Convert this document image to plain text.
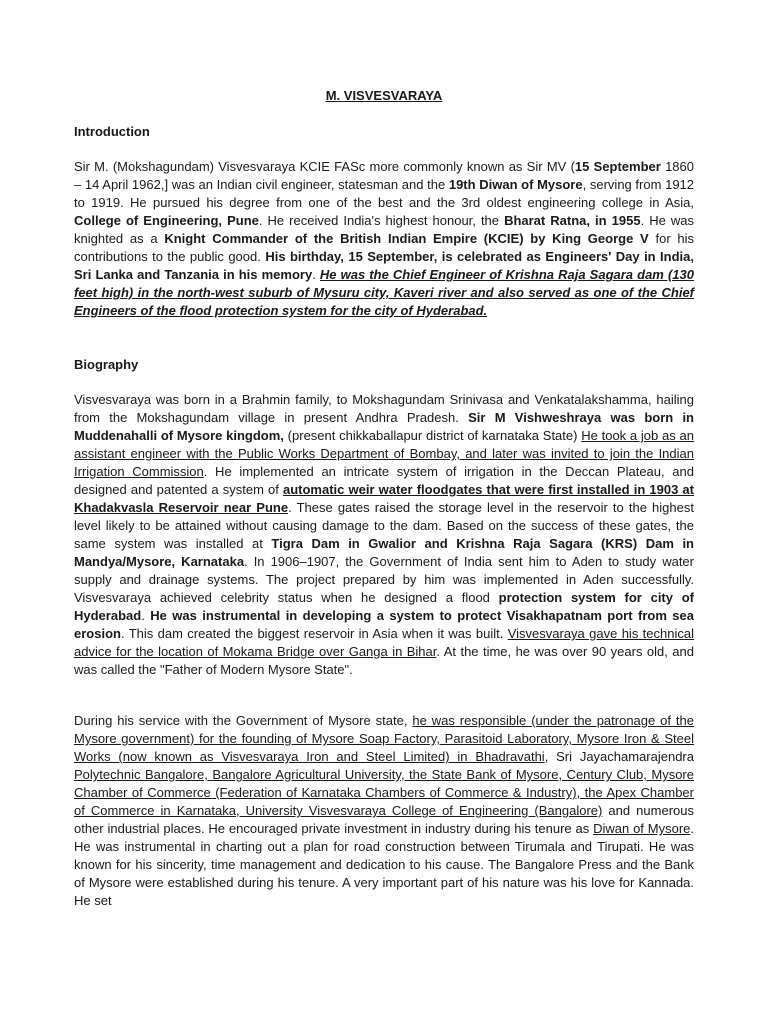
M. VISVESVARAYA
Introduction
Sir M. (Mokshagundam) Visvesvaraya KCIE FASc more commonly known as Sir MV (15 September 1860 – 14 April 1962,] was an Indian civil engineer, statesman and the 19th Diwan of Mysore, serving from 1912 to 1919. He pursued his degree from one of the best and the 3rd oldest engineering college in Asia, College of Engineering, Pune. He received India's highest honour, the Bharat Ratna, in 1955. He was knighted as a Knight Commander of the British Indian Empire (KCIE) by King George V for his contributions to the public good. His birthday, 15 September, is celebrated as Engineers' Day in India, Sri Lanka and Tanzania in his memory. He was the Chief Engineer of Krishna Raja Sagara dam (130 feet high) in the north-west suburb of Mysuru city, Kaveri river and also served as one of the Chief Engineers of the flood protection system for the city of Hyderabad.
Biography
Visvesvaraya was born in a Brahmin family, to Mokshagundam Srinivasa and Venkatalakshamma, hailing from the Mokshagundam village in present Andhra Pradesh. Sir M Vishweshraya was born in Muddenahalli of Mysore kingdom, (present chikkaballapur district of karnataka State) He took a job as an assistant engineer with the Public Works Department of Bombay, and later was invited to join the Indian Irrigation Commission. He implemented an intricate system of irrigation in the Deccan Plateau, and designed and patented a system of automatic weir water floodgates that were first installed in 1903 at Khadakvasla Reservoir near Pune. These gates raised the storage level in the reservoir to the highest level likely to be attained without causing damage to the dam. Based on the success of these gates, the same system was installed at Tigra Dam in Gwalior and Krishna Raja Sagara (KRS) Dam in Mandya/Mysore, Karnataka. In 1906–1907, the Government of India sent him to Aden to study water supply and drainage systems. The project prepared by him was implemented in Aden successfully. Visvesvaraya achieved celebrity status when he designed a flood protection system for city of Hyderabad. He was instrumental in developing a system to protect Visakhapatnam port from sea erosion. This dam created the biggest reservoir in Asia when it was built. Visvesvaraya gave his technical advice for the location of Mokama Bridge over Ganga in Bihar. At the time, he was over 90 years old, and was called the "Father of Modern Mysore State".
During his service with the Government of Mysore state, he was responsible (under the patronage of the Mysore government) for the founding of Mysore Soap Factory, Parasitoid Laboratory, Mysore Iron & Steel Works (now known as Visvesvaraya Iron and Steel Limited) in Bhadravathi, Sri Jayachamarajendra Polytechnic Bangalore, Bangalore Agricultural University, the State Bank of Mysore, Century Club, Mysore Chamber of Commerce (Federation of Karnataka Chambers of Commerce & Industry), the Apex Chamber of Commerce in Karnataka, University Visvesvaraya College of Engineering (Bangalore) and numerous other industrial places. He encouraged private investment in industry during his tenure as Diwan of Mysore. He was instrumental in charting out a plan for road construction between Tirumala and Tirupati. He was known for his sincerity, time management and dedication to his cause. The Bangalore Press and the Bank of Mysore were established during his tenure. A very important part of his nature was his love for Kannada. He set
